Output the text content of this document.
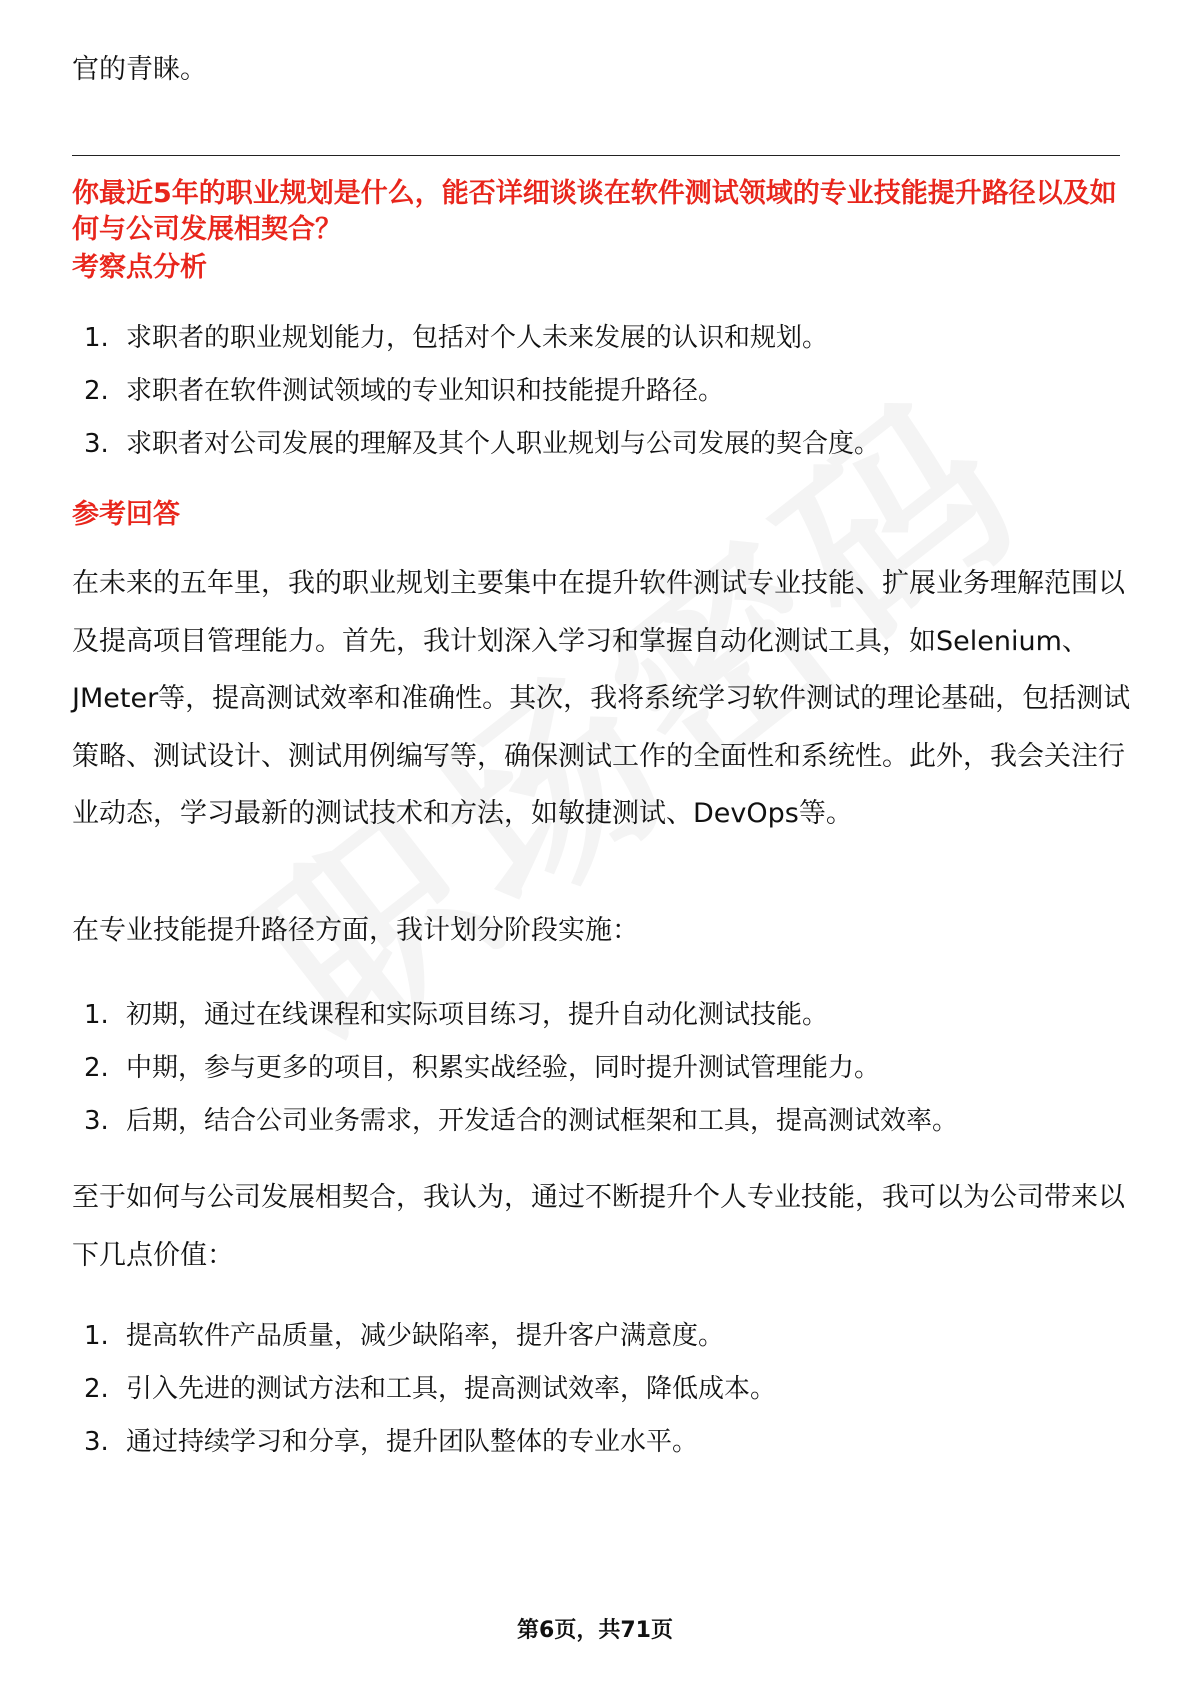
官的青睐。
你最近5年的职业规划是什么，能否详细谈谈在软件测试领域的专业技能提升路径以及如何与公司发展相契合？
考察点分析
1. 求职者的职业规划能力，包括对个人未来发展的认识和规划。
2. 求职者在软件测试领域的专业知识和技能提升路径。
3. 求职者对公司发展的理解及其个人职业规划与公司发展的契合度。
参考回答
在未来的五年里，我的职业规划主要集中在提升软件测试专业技能、扩展业务理解范围以及提高项目管理能力。首先，我计划深入学习和掌握自动化测试工具，如Selenium、JMeter等，提高测试效率和准确性。其次，我将系统学习软件测试的理论基础，包括测试策略、测试设计、测试用例编写等，确保测试工作的全面性和系统性。此外，我会关注行业动态，学习最新的测试技术和方法，如敏捷测试、DevOps等。
在专业技能提升路径方面，我计划分阶段实施：
1. 初期，通过在线课程和实际项目练习，提升自动化测试技能。
2. 中期，参与更多的项目，积累实战经验，同时提升测试管理能力。
3. 后期，结合公司业务需求，开发适合的测试框架和工具，提高测试效率。
至于如何与公司发展相契合，我认为，通过不断提升个人专业技能，我可以为公司带来以下几点价值：
1. 提高软件产品质量，减少缺陷率，提升客户满意度。
2. 引入先进的测试方法和工具，提高测试效率，降低成本。
3. 通过持续学习和分享，提升团队整体的专业水平。
第6页，共71页
